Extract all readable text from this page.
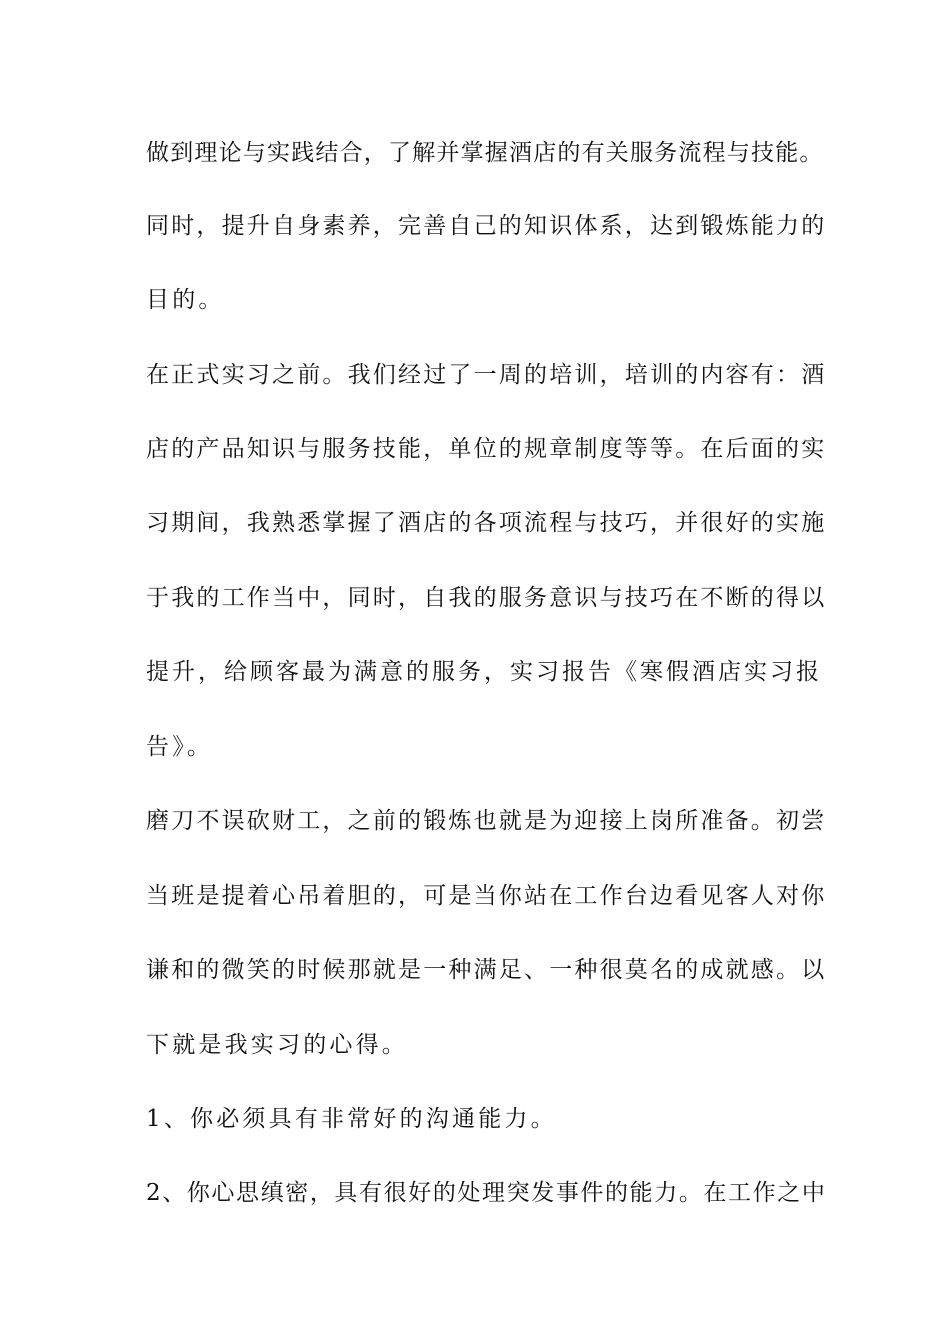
做到理论与实践结合，了解并掌握酒店的有关服务流程与技能。
同时，提升自身素养，完善自己的知识体系，达到锻炼能力的
目的。
在正式实习之前。我们经过了一周的培训，培训的内容有：酒
店的产品知识与服务技能，单位的规章制度等等。在后面的实
习期间，我熟悉掌握了酒店的各项流程与技巧，并很好的实施
于我的工作当中，同时，自我的服务意识与技巧在不断的得以
提升，给顾客最为满意的服务，实习报告《寒假酒店实习报
告》。
磨刀不误砍财工，之前的锻炼也就是为迎接上岗所准备。初尝
当班是提着心吊着胆的，可是当你站在工作台边看见客人对你
谦和的微笑的时候那就是一种满足、一种很莫名的成就感。以
下就是我实习的心得。
1、你必须具有非常好的沟通能力。
2、你心思缜密，具有很好的处理突发事件的能力。在工作之中
